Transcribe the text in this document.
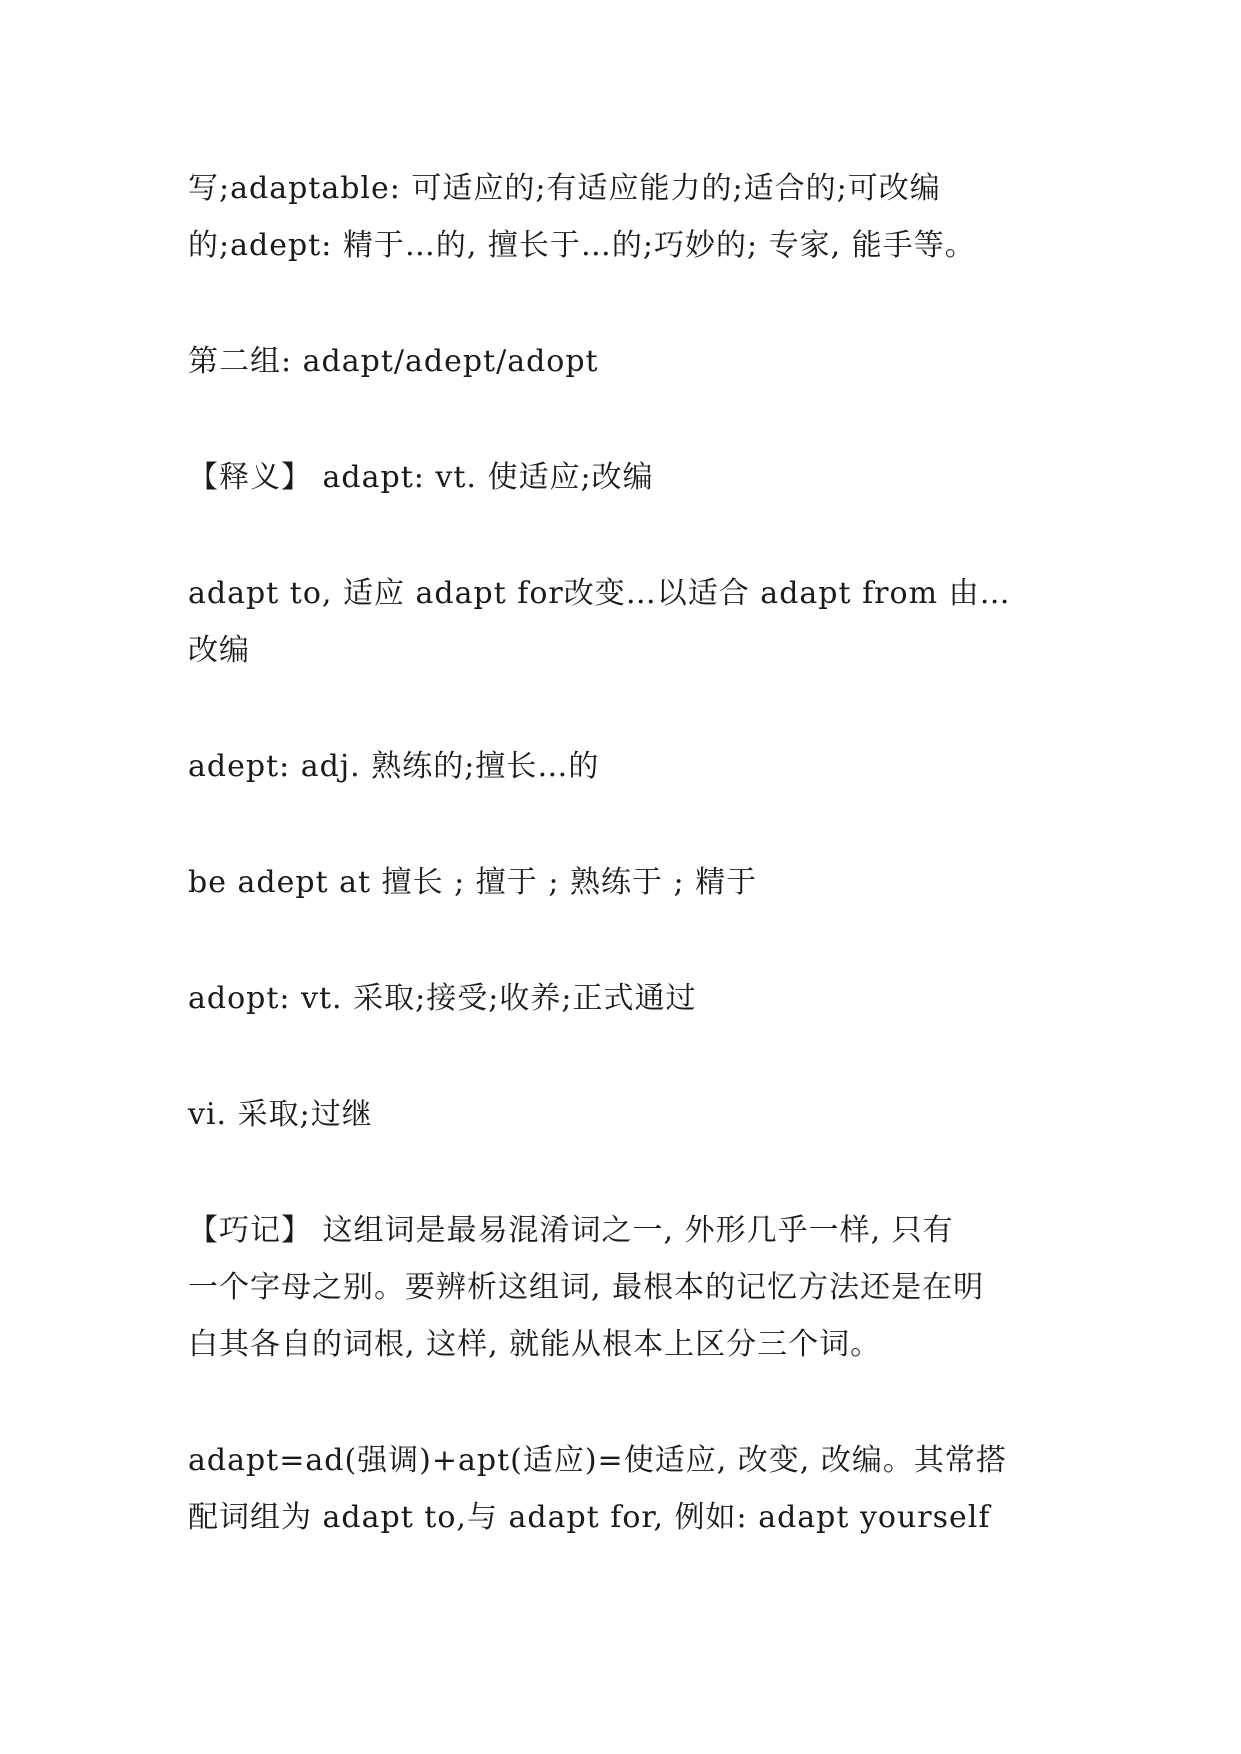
写;adaptable: 可适应的;有适应能力的;适合的;可改编
的;adept: 精于…的, 擅长于…的;巧妙的; 专家, 能手等。

第二组: adapt/adept/adopt

【释义】 adapt: vt. 使适应;改编

adapt to, 适应 adapt for改变…以适合 adapt from 由…
改编

adept: adj. 熟练的;擅长…的

be adept at 擅长 ; 擅于 ; 熟练于 ; 精于

adopt: vt. 采取;接受;收养;正式通过

vi. 采取;过继

【巧记】 这组词是最易混淆词之一, 外形几乎一样, 只有
一个字母之别。要辨析这组词, 最根本的记忆方法还是在明
白其各自的词根, 这样, 就能从根本上区分三个词。

adapt=ad(强调)+apt(适应)=使适应, 改变, 改编。其常搭
配词组为 adapt to,与 adapt for, 例如: adapt yourself
